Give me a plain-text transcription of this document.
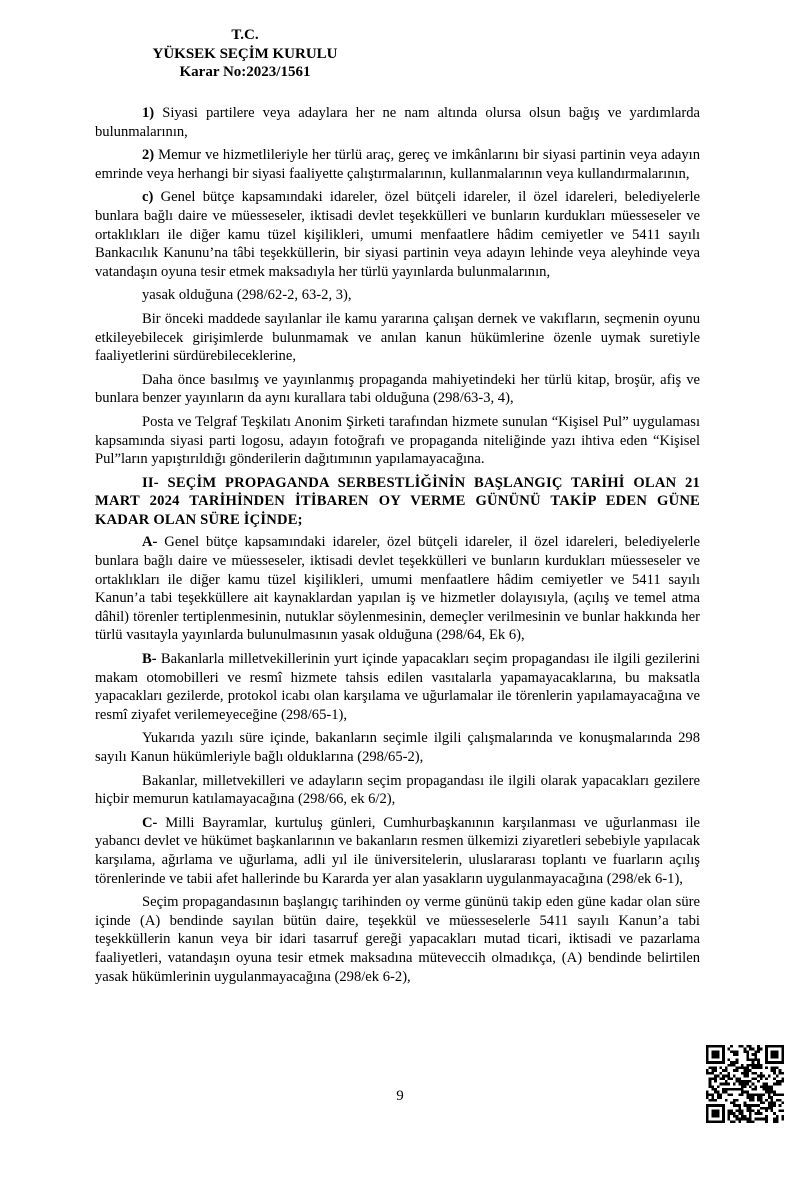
T.C.
YÜKSEK SEÇİM KURULU
Karar No:2023/1561

1) Siyasi partilere veya adaylara her ne nam altında olursa olsun bağış ve yardımlarda bulunmalarının,

2) Memur ve hizmetlileriyle her türlü araç, gereç ve imkânlarını bir siyasi partinin veya adayın emrinde veya herhangi bir siyasi faaliyette çalıştırmalarının, kullanmalarının veya kullandırmalarının,

c) Genel bütçe kapsamındaki idareler, özel bütçeli idareler, il özel idareleri, belediyelerle bunlara bağlı daire ve müesseseler, iktisadi devlet teşekkülleri ve bunların kurdukları müesseseler ve ortaklıkları ile diğer kamu tüzel kişilikleri, umumi menfaatlere hâdim cemiyetler ve 5411 sayılı Bankacılık Kanunu’na tâbi teşekküllerin, bir siyasi partinin veya adayın lehinde veya aleyhinde veya vatandaşın oyuna tesir etmek maksadıyla her türlü yayınlarda bulunmalarının,

yasak olduğuna (298/62-2, 63-2, 3),

Bir önceki maddede sayılanlar ile kamu yararına çalışan dernek ve vakıfların, seçmenin oyunu etkileyebilecek girişimlerde bulunmamak ve anılan kanun hükümlerine özenle uymak suretiyle faaliyetlerini sürdürebileceklerine,

Daha önce basılmış ve yayınlanmış propaganda mahiyetindeki her türlü kitap, broşür, afiş ve bunlara benzer yayınların da aynı kurallara tabi olduğuna (298/63-3, 4),

Posta ve Telgraf Teşkilatı Anonim Şirketi tarafından hizmete sunulan “Kişisel Pul” uygulaması kapsamında siyasi parti logosu, adayın fotoğrafı ve propaganda niteliğinde yazı ihtiva eden “Kişisel Pul”ların yapıştırıldığı gönderilerin dağıtımının yapılamayacağına.

II- SEÇİM PROPAGANDA SERBESTLİĞİNİN BAŞLANGIÇ TARİHİ OLAN 21 MART 2024 TARİHİNDEN İTİBAREN OY VERME GÜNÜNÜ TAKİP EDEN GÜNE KADAR OLAN SÜRE İÇİNDE;

A- Genel bütçe kapsamındaki idareler, özel bütçeli idareler, il özel idareleri, belediyelerle bunlara bağlı daire ve müesseseler, iktisadi devlet teşekkülleri ve bunların kurdukları müesseseler ve ortaklıkları ile diğer kamu tüzel kişilikleri, umumi menfaatlere hâdim cemiyetler ve 5411 sayılı Kanun’a tabi teşekküllere ait kaynaklardan yapılan iş ve hizmetler dolayısıyla, (açılış ve temel atma dâhil) törenler tertiplenmesinin, nutuklar söylenmesinin, demeçler verilmesinin ve bunlar hakkında her türlü vasıtayla yayınlarda bulunulmasının yasak olduğuna (298/64, Ek 6),

B- Bakanlarla milletvekillerinin yurt içinde yapacakları seçim propagandası ile ilgili gezilerini makam otomobilleri ve resmî hizmete tahsis edilen vasıtalarla yapamayacaklarına, bu maksatla yapacakları gezilerde, protokol icabı olan karşılama ve uğurlamalar ile törenlerin yapılamayacağına ve resmî ziyafet verilemeyeceğine (298/65-1),

Yukarıda yazılı süre içinde, bakanların seçimle ilgili çalışmalarında ve konuşmalarında 298 sayılı Kanun hükümleriyle bağlı olduklarına (298/65-2),

Bakanlar, milletvekilleri ve adayların seçim propagandası ile ilgili olarak yapacakları gezilere hiçbir memurun katılamayacağına (298/66, ek 6/2),

C- Milli Bayramlar, kurtuluş günleri, Cumhurbaşkanının karşılanması ve uğurlanması ile yabancı devlet ve hükümet başkanlarının ve bakanların resmen ülkemizi ziyaretleri sebebiyle yapılacak karşılama, ağırlama ve uğurlama, adli yıl ile üniversitelerin, uluslararası toplantı ve fuarların açılış törenlerinde ve tabii afet hallerinde bu Kararda yer alan yasakların uygulanmayacağına (298/ek 6-1),

Seçim propagandasının başlangıç tarihinden oy verme gününü takip eden güne kadar olan süre içinde (A) bendinde sayılan bütün daire, teşekkül ve müesseselerle 5411 sayılı Kanun’a tabi teşekküllerin kanun veya bir idari tasarruf gereği yapacakları mutad ticari, iktisadi ve pazarlama faaliyetleri, vatandaşın oyuna tesir etmek maksadına müteveccih olmadıkça, (A) bendinde belirtilen yasak hükümlerinin uygulanmayacağına (298/ek 6-2),

9
